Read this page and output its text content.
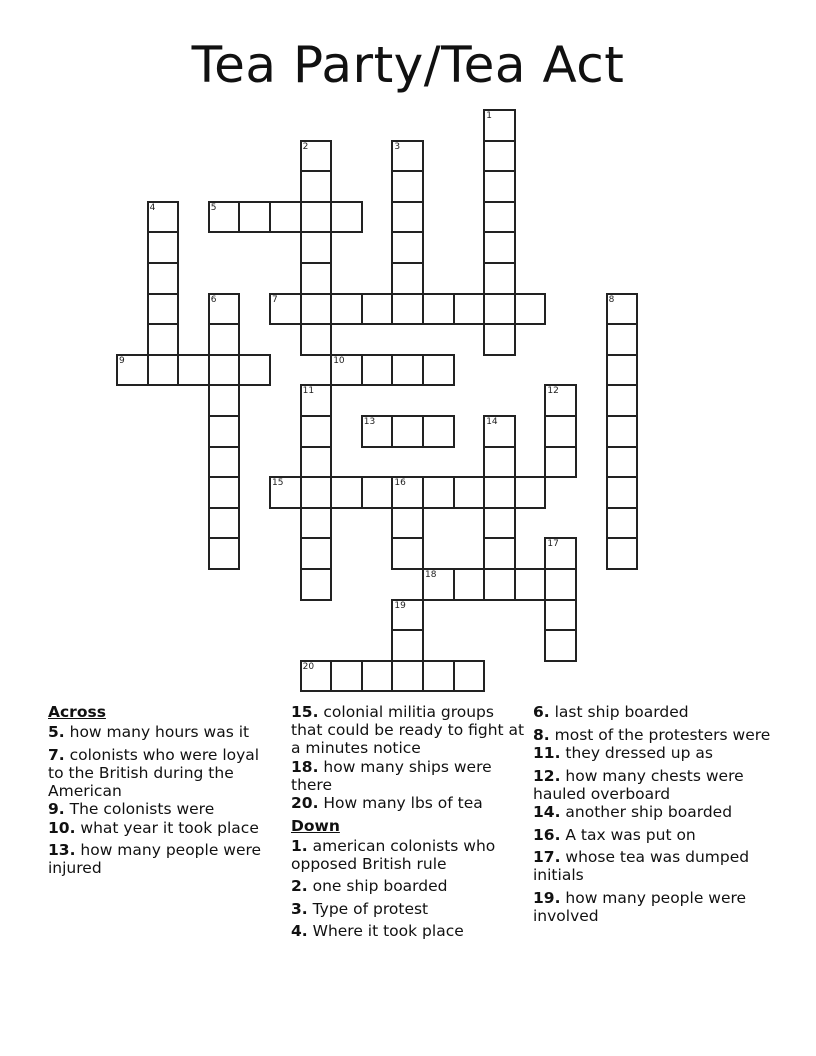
Tea Party/Tea Act
1
2	3
4	5
6	7	8
9	10
11	12
13	14
15	16
17
18
19
20
Across
5. how many hours was it
7. colonists who were loyal to the British during the American
9. The colonists were
10. what year it took place
13. how many people were injured
15. colonial militia groups that could be ready to fight at a minutes notice
18. how many ships were there
20. How many lbs of tea
Down
1. american colonists who opposed British rule
2. one ship boarded
3. Type of protest
4. Where it took place
6. last ship boarded
8. most of the protesters were
11. they dressed up as
12. how many chests were hauled overboard
14. another ship boarded
16. A tax was put on
17. whose tea was dumped initials
19. how many people were involved
